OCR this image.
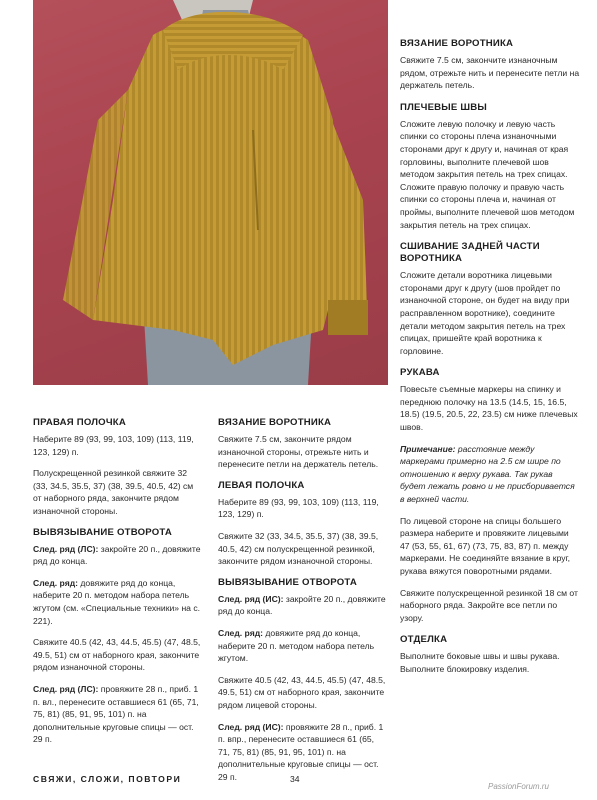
ВЯЗАНИЕ ВОРОТНИКА

Свяжите 7.5 см, закончите изнаночным рядом, отрежьте нить и перенесите петли на держатель петель.

ПЛЕЧЕВЫЕ ШВЫ

Сложите левую полочку и левую часть спинки со стороны плеча изнаночными сторонами друг к другу и, начиная от края горловины, выполните плечевой шов методом закрытия петель на трех спицах. Сложите правую полочку и правую часть спинки со стороны плеча и, начиная от проймы, выполните плечевой шов методом закрытия петель на трех спицах.

СШИВАНИЕ ЗАДНЕЙ ЧАСТИ ВОРОТНИКА

Сложите детали воротника лицевыми сторонами друг к другу (шов пройдет по изнаночной стороне, он будет на виду при расправленном воротнике), соедините детали методом закрытия петель на трех спицах, пришейте край воротника к горловине.

РУКАВА

Повесьте съемные маркеры на спинку и переднюю полочку на 13.5 (14.5, 15, 16.5, 18.5) (19.5, 20.5, 22, 23.5) см ниже плечевых швов.

Примечание: расстояние между маркерами примерно на 2.5 см шире по отношению к верху рукава. Так рукав будет лежать ровно и не присборивается в верхней части.

По лицевой стороне на спицы большего размера наберите и провяжите лицевыми 47 (53, 55, 61, 67) (73, 75, 83, 87) п. между маркерами. Не соединяйте вязание в круг, рукава вяжутся поворотными рядами.

Свяжите полускрещенной резинкой 18 см от наборного ряда. Закройте все петли по узору.

ОТДЕЛКА

Выполните боковые швы и швы рукава. Выполните блокировку изделия.

ПРАВАЯ ПОЛОЧКА

Наберите 89 (93, 99, 103, 109) (113, 119, 123, 129) п.

Полускрещенной резинкой свяжите 32 (33, 34.5, 35.5, 37) (38, 39.5, 40.5, 42) см от наборного ряда, закончите рядом изнаночной стороны.

ВЫВЯЗЫВАНИЕ ОТВОРОТА

След. ряд (ЛС): закройте 20 п., довяжите ряд до конца.

След. ряд: довяжите ряд до конца, наберите 20 п. методом набора петель жгутом (см. «Специальные техники» на с. 221).

Свяжите 40.5 (42, 43, 44.5, 45.5) (47, 48.5, 49.5, 51) см от наборного края, закончите рядом изнаночной стороны.

След. ряд (ЛС): провяжите 28 п., приб. 1 п. вл., перенесите оставшиеся 61 (65, 71, 75, 81) (85, 91, 95, 101) п. на дополнительные круговые спицы — ост. 29 п.

ВЯЗАНИЕ ВОРОТНИКА

Свяжите 7.5 см, закончите рядом изнаночной стороны, отрежьте нить и перенесите петли на держатель петель.

ЛЕВАЯ ПОЛОЧКА

Наберите 89 (93, 99, 103, 109) (113, 119, 123, 129) п.

Свяжите 32 (33, 34.5, 35.5, 37) (38, 39.5, 40.5, 42) см полускрещенной резинкой, закончите рядом изнаночной стороны.

ВЫВЯЗЫВАНИЕ ОТВОРОТА

След. ряд (ИС): закройте 20 п., довяжите ряд до конца.

След. ряд: довяжите ряд до конца, наберите 20 п. методом набора петель жгутом.

Свяжите 40.5 (42, 43, 44.5, 45.5) (47, 48.5, 49.5, 51) см от наборного края, закончите рядом лицевой стороны.

След. ряд (ИС): провяжите 28 п., приб. 1 п. впр., перенесите оставшиеся 61 (65, 71, 75, 81) (85, 91, 95, 101) п. на дополнительные круговые спицы — ост. 29 п.

СВЯЖИ, СЛОЖИ, ПОВТОРИ	34
PassionForum.ru
